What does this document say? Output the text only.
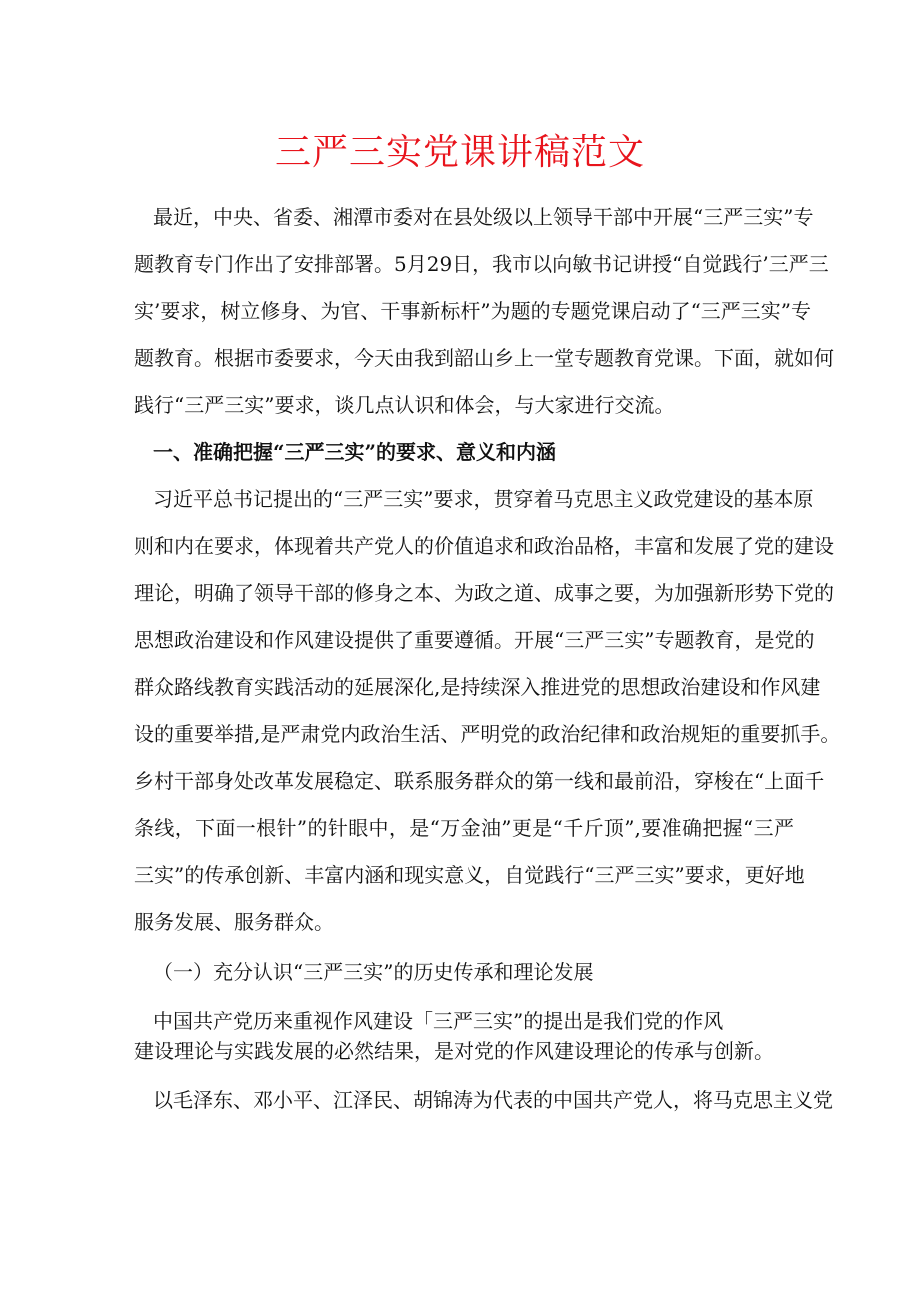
三严三实党课讲稿范文
最近，中央、省委、湘潭市委对在县处级以上领导干部中开展“三严三实”专
题教育专门作出了安排部署。5月29日，我市以向敏书记讲授“自觉践行’三严三
实’要求，树立修身、为官、干事新标杆”为题的专题党课启动了“三严三实”专
题教育。根据市委要求，今天由我到韶山乡上一堂专题教育党课。下面，就如何
践行“三严三实”要求，谈几点认识和体会，与大家进行交流。
一、准确把握“三严三实”的要求、意义和内涵
习近平总书记提出的“三严三实”要求，贯穿着马克思主义政党建设的基本原
则和内在要求，体现着共产党人的价值追求和政治品格，丰富和发展了党的建设
理论，明确了领导干部的修身之本、为政之道、成事之要，为加强新形势下党的
思想政治建设和作风建设提供了重要遵循。开展“三严三实”专题教育，是党的
群众路线教育实践活动的延展深化,是持续深入推进党的思想政治建设和作风建
设的重要举措,是严肃党内政治生活、严明党的政治纪律和政治规矩的重要抓手。
乡村干部身处改革发展稳定、联系服务群众的第一线和最前沿，穿梭在“上面千
条线，下面一根针”的针眼中，是“万金油”更是“千斤顶”,要准确把握“三严
三实”的传承创新、丰富内涵和现实意义，自觉践行“三严三实”要求，更好地
服务发展、服务群众。
（一）充分认识“三严三实”的历史传承和理论发展
中国共产党历来重视作风建设「三严三实”的提出是我们党的作风
建设理论与实践发展的必然结果，是对党的作风建设理论的传承与创新。
以毛泽东、邓小平、江泽民、胡锦涛为代表的中国共产党人，将马克思主义党
